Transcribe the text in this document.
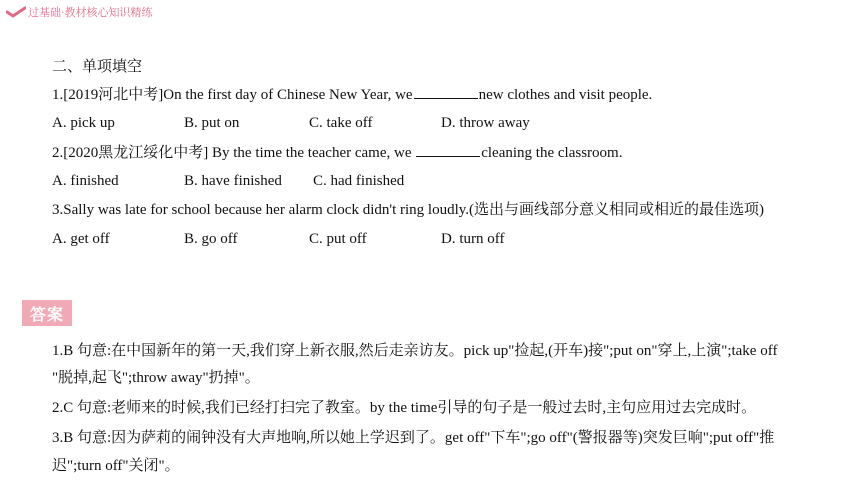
过基础·教材核心知识精练
二、单项填空
1.[2019河北中考]On the first day of Chinese New Year, we	new clothes and visit people.
A. pick up	B. put on	C. take off	D. throw away
2.[2020黑龙江绥化中考] By the time the teacher came, we	cleaning the classroom.
A. finished	B. have finished C. had finished
3.Sally was late for school because her alarm clock didn't ring loudly.(选出与画线部分意义相同或相近的最佳选项)
A. get off	B. go off	C. put off	D. turn off
答案
1.B 句意:在中国新年的第一天,我们穿上新衣服,然后走亲访友。pick up"捡起,(开车)接";put on"穿上,上演";take off
"脱掉,起飞";throw away"扔掉"。
2.C 句意:老师来的时候,我们已经打扫完了教室。by the time引导的句子是一般过去时,主句应用过去完成时。
3.B 句意:因为萨莉的闹钟没有大声地响,所以她上学迟到了。get off"下车";go off"(警报器等)突发巨响";put off"推
迟";turn off"关闭"。
